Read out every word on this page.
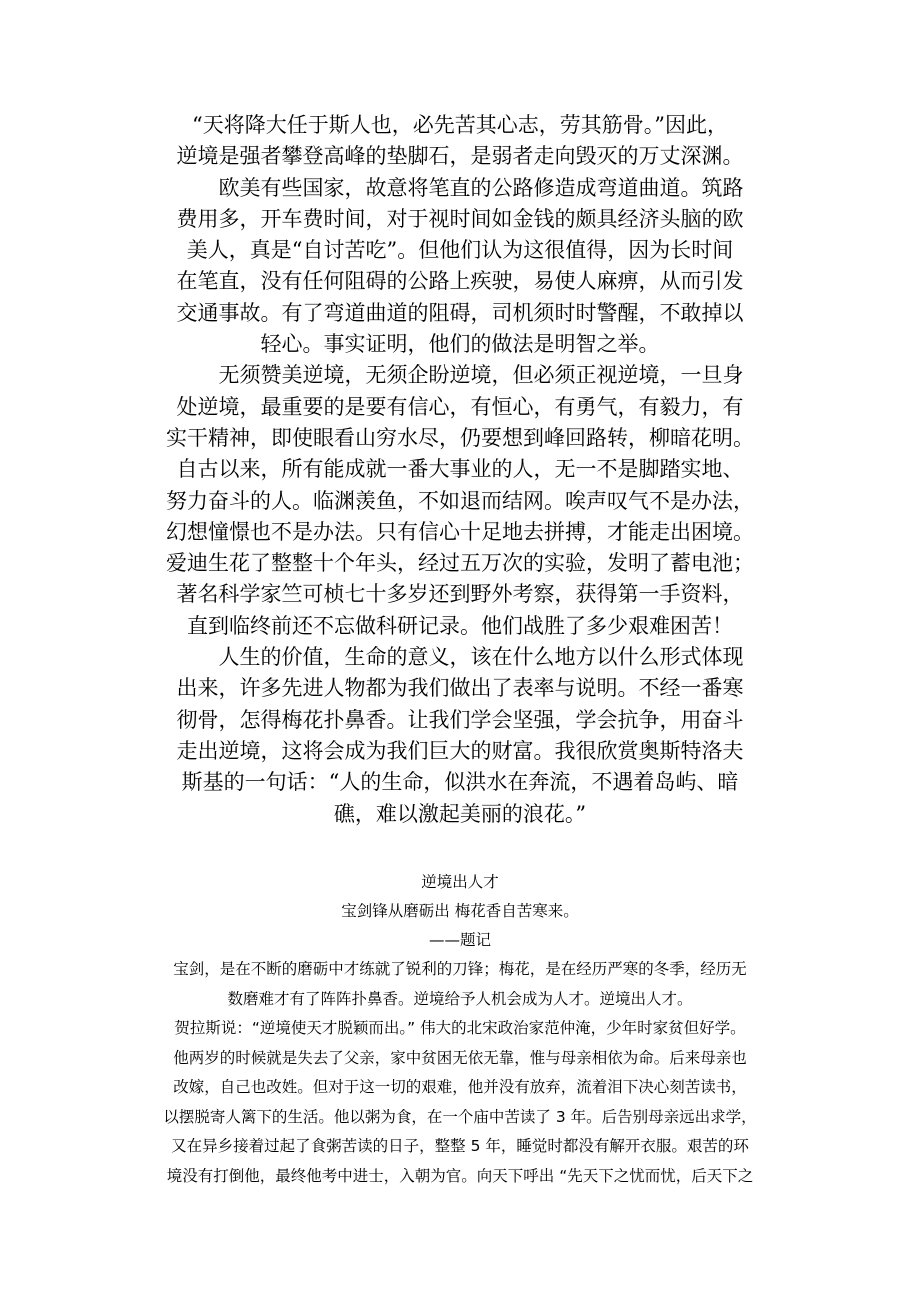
“天将降大任于斯人也，必先苦其心志，劳其筋骨。”因此，
逆境是强者攀登高峰的垫脚石，是弱者走向毁灭的万丈深渊。
　　欧美有些国家，故意将笔直的公路修造成弯道曲道。筑路
费用多，开车费时间，对于视时间如金钱的颇具经济头脑的欧
美人，真是“自讨苦吃”。但他们认为这很值得，因为长时间
在笔直，没有任何阻碍的公路上疾驶，易使人麻痹，从而引发
交通事故。有了弯道曲道的阻碍，司机须时时警醒，不敢掉以
轻心。事实证明，他们的做法是明智之举。
　　无须赞美逆境，无须企盼逆境，但必须正视逆境，一旦身
处逆境，最重要的是要有信心，有恒心，有勇气，有毅力，有
实干精神，即使眼看山穷水尽，仍要想到峰回路转，柳暗花明。
自古以来，所有能成就一番大事业的人，无一不是脚踏实地、
努力奋斗的人。临渊羡鱼，不如退而结网。唉声叹气不是办法，
幻想憧憬也不是办法。只有信心十足地去拼搏，才能走出困境。
爱迪生花了整整十个年头，经过五万次的实验，发明了蓄电池；
著名科学家竺可桢七十多岁还到野外考察，获得第一手资料，
直到临终前还不忘做科研记录。他们战胜了多少艰难困苦！
　　人生的价值，生命的意义，该在什么地方以什么形式体现
出来，许多先进人物都为我们做出了表率与说明。不经一番寒
彻骨，怎得梅花扑鼻香。让我们学会坚强，学会抗争，用奋斗
走出逆境，这将会成为我们巨大的财富。我很欣赏奥斯特洛夫
斯基的一句话：“人的生命，似洪水在奔流，不遇着岛屿、暗
礁，难以激起美丽的浪花。”
逆境出人才
宝剑锋从磨砺出 梅花香自苦寒来。
——题记
宝剑，是在不断的磨砺中才练就了锐利的刀锋；梅花，是在经历严寒的冬季，经历无
数磨难才有了阵阵扑鼻香。逆境给予人机会成为人才。逆境出人才。
贺拉斯说：“逆境使天才脱颖而出。” 伟大的北宋政治家范仲淹，少年时家贫但好学。
他两岁的时候就是失去了父亲，家中贫困无依无靠，惟与母亲相依为命。后来母亲也
改嫁，自己也改姓。但对于这一切的艰难，他并没有放弃，流着泪下决心刻苦读书，
以摆脱寄人篱下的生活。他以粥为食，在一个庙中苦读了 3 年。后告别母亲远出求学，
又在异乡接着过起了食粥苦读的日子，整整 5 年，睡觉时都没有解开衣服。艰苦的环
境没有打倒他，最终他考中进士，入朝为官。向天下呼出 “先天下之忧而忧，后天下之
